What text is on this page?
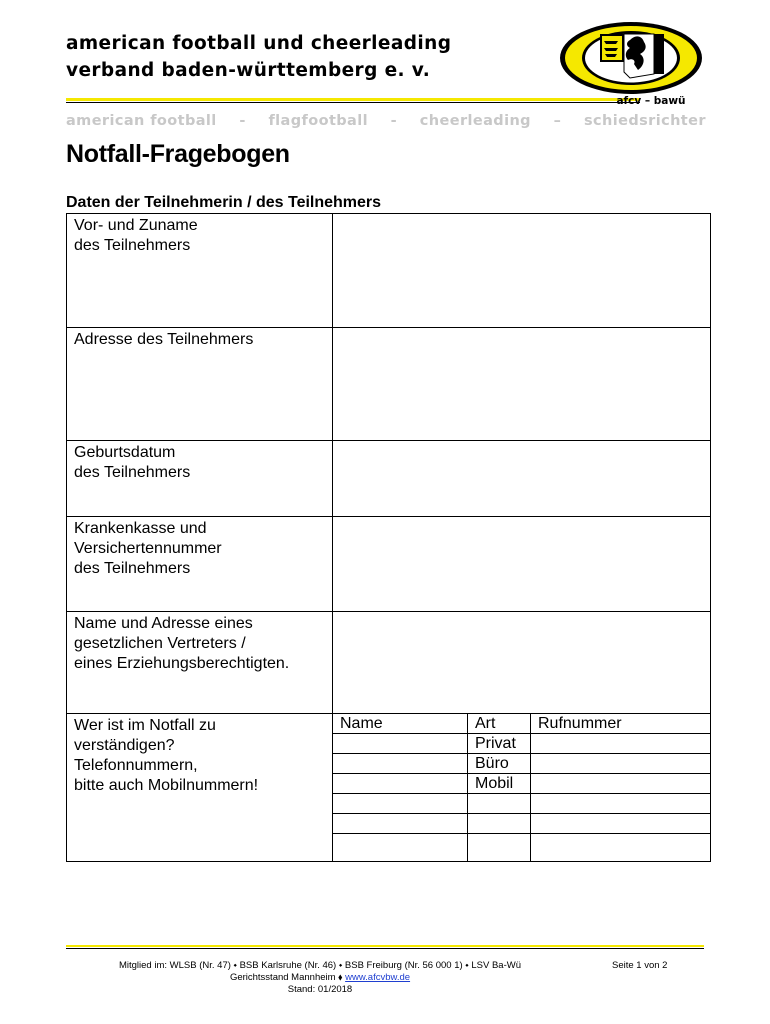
american football und cheerleading
verband baden-württemberg e. v.
afcv – bawü
american football - flagfootball - cheerleading – schiedsrichter
Notfall-Fragebogen
Daten der Teilnehmerin / des Teilnehmers
Vor- und Zuname
des Teilnehmers

Adresse des Teilnehmers

Geburtsdatum
des Teilnehmers

Krankenkasse und
Versichertennummer
des Teilnehmers

Name und Adresse eines
gesetzlichen Vertreters /
eines Erziehungsberechtigten.

Wer ist im Notfall zu
verständigen?
Telefonnummern,
bitte auch Mobilnummern!

Name	Art	Rufnummer
	Privat	
	Büro	
	Mobil	

Mitglied im: WLSB (Nr. 47) ⬩ BSB Karlsruhe (Nr. 46) ⬩ BSB Freiburg (Nr. 56 000 1) ⬩ LSV Ba-Wü
Gerichtsstand Mannheim ⬧ www.afcvbw.de
Stand: 01/2018
Seite 1 von 2
